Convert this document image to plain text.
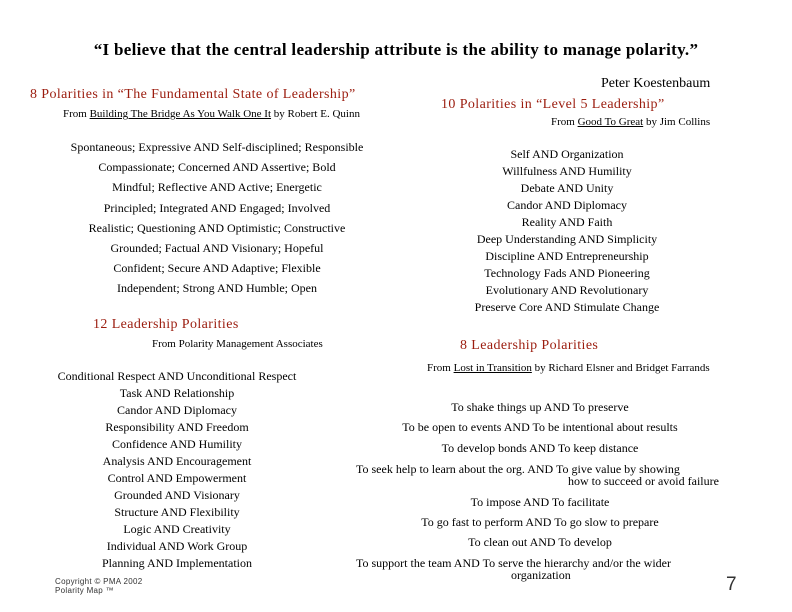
“I believe that the central leadership attribute is the ability to manage polarity.”
Peter Koestenbaum
8 Polarities in “The Fundamental State of Leadership”
From Building The Bridge As You Walk One It by Robert E. Quinn
Spontaneous; Expressive AND Self-disciplined; Responsible
Compassionate; Concerned AND Assertive; Bold
Mindful; Reflective AND Active; Energetic
Principled; Integrated AND Engaged; Involved
Realistic; Questioning AND Optimistic; Constructive
Grounded; Factual AND Visionary; Hopeful
Confident; Secure AND Adaptive; Flexible
Independent; Strong AND Humble; Open
10 Polarities in “Level 5 Leadership”
From Good To Great by Jim Collins
Self AND Organization
Willfulness AND Humility
Debate AND Unity
Candor AND Diplomacy
Reality AND Faith
Deep Understanding AND Simplicity
Discipline AND Entrepreneurship
Technology Fads AND Pioneering
Evolutionary AND Revolutionary
Preserve Core AND Stimulate Change
12 Leadership Polarities
From Polarity Management Associates
Conditional Respect AND Unconditional Respect
Task AND Relationship
Candor AND Diplomacy
Responsibility AND Freedom
Confidence AND Humility
Analysis AND Encouragement
Control AND Empowerment
Grounded AND Visionary
Structure AND Flexibility
Logic AND Creativity
Individual AND Work Group
Planning AND Implementation
8 Leadership Polarities
From Lost in Transition by Richard Elsner and Bridget Farrands
To shake things up AND To preserve
To be open to events AND To be intentional about results
To develop bonds AND To keep distance
To seek help to learn about the org. AND To give value by showing
how to succeed or avoid failure
To impose AND To facilitate
To go fast to perform AND To go slow to prepare
To clean out AND To develop
To support the team AND To serve the hierarchy and/or the wider
organization
Copyright © PMA 2002
Polarity Map ™	7
